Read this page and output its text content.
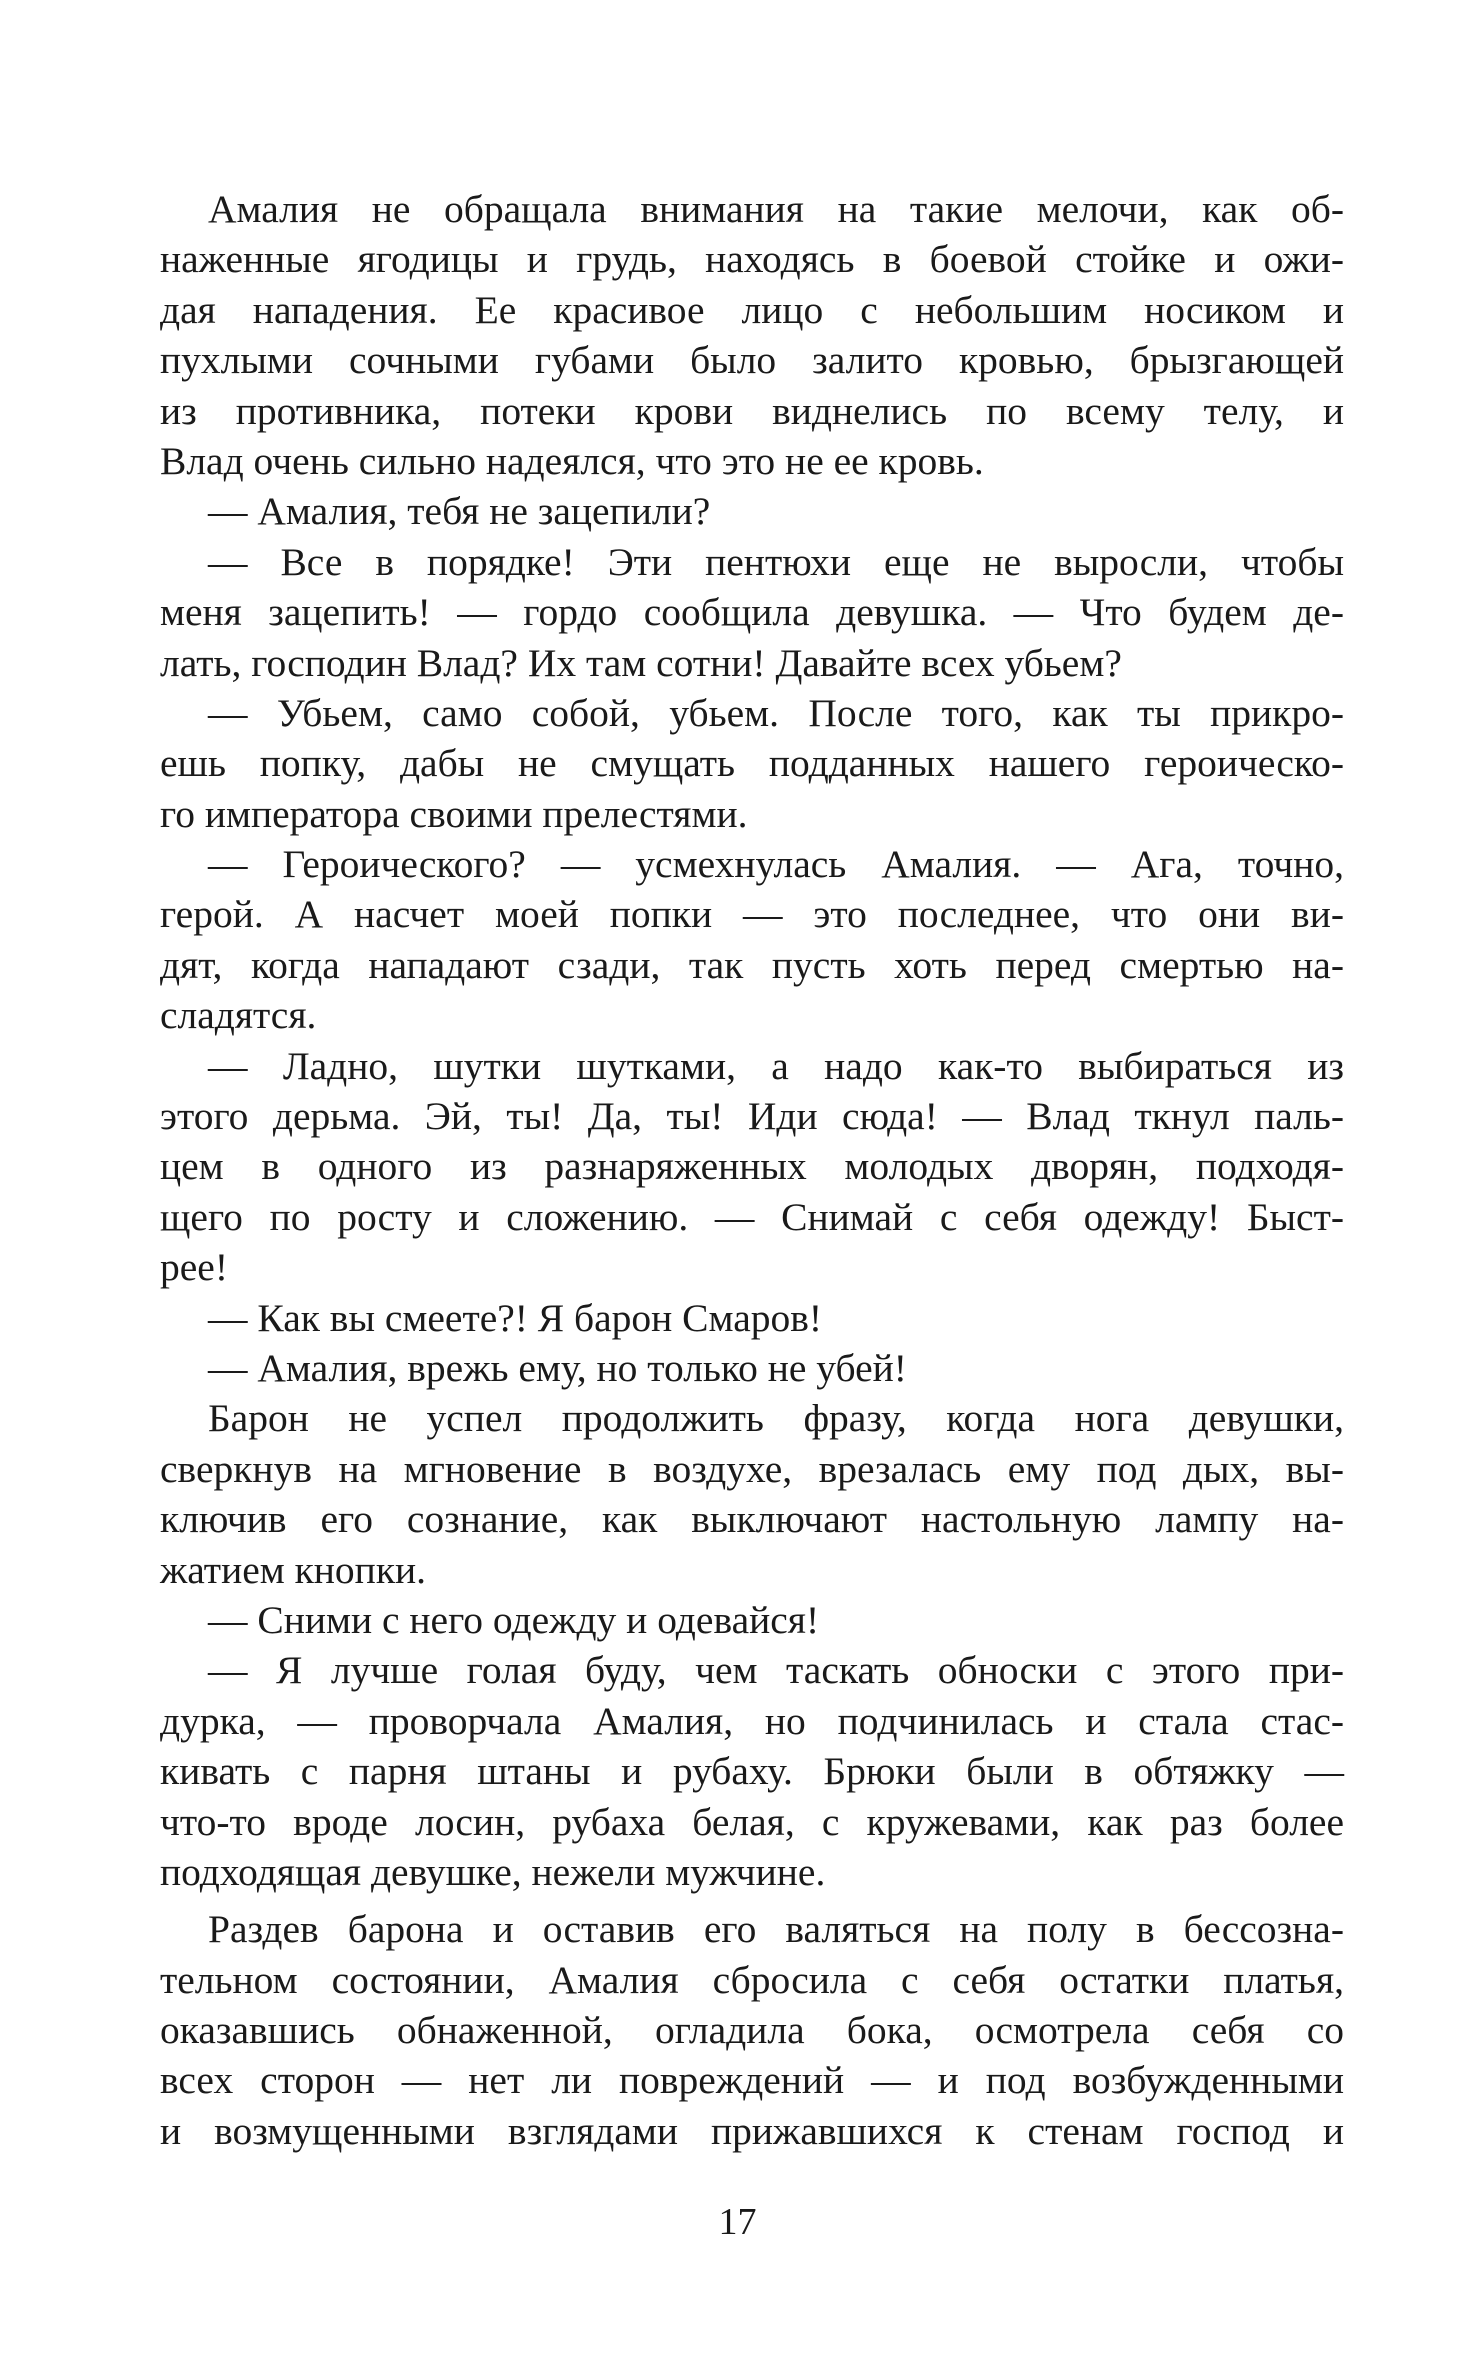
Амалия не обращала внимания на такие мелочи, как об-
наженные ягодицы и грудь, находясь в боевой стойке и ожи-
дая нападения. Ее красивое лицо с небольшим носиком и
пухлыми сочными губами было залито кровью, брызгающей
из противника, потеки крови виднелись по всему телу, и
Влад очень сильно надеялся, что это не ее кровь.
— Амалия, тебя не зацепили?
— Все в порядке! Эти пентюхи еще не выросли, чтобы
меня зацепить! — гордо сообщила девушка. — Что будем де-
лать, господин Влад? Их там сотни! Давайте всех убьем?
— Убьем, само собой, убьем. После того, как ты прикро-
ешь попку, дабы не смущать подданных нашего героическо-
го императора своими прелестями.
— Героического? — усмехнулась Амалия. — Ага, точно,
герой. А насчет моей попки — это последнее, что они ви-
дят, когда нападают сзади, так пусть хоть перед смертью на-
сладятся.
— Ладно, шутки шутками, а надо как-то выбираться из
этого дерьма. Эй, ты! Да, ты! Иди сюда! — Влад ткнул паль-
цем в одного из разнаряженных молодых дворян, подходя-
щего по росту и сложению. — Снимай с себя одежду! Быст-
рее!
— Как вы смеете?! Я барон Смаров!
— Амалия, врежь ему, но только не убей!
Барон не успел продолжить фразу, когда нога девушки,
сверкнув на мгновение в воздухе, врезалась ему под дых, вы-
ключив его сознание, как выключают настольную лампу на-
жатием кнопки.
— Сними с него одежду и одевайся!
— Я лучше голая буду, чем таскать обноски с этого при-
дурка, — проворчала Амалия, но подчинилась и стала стас-
кивать с парня штаны и рубаху. Брюки были в обтяжку —
что-то вроде лосин, рубаха белая, с кружевами, как раз более
подходящая девушке, нежели мужчине.
Раздев барона и оставив его валяться на полу в бессозна-
тельном состоянии, Амалия сбросила с себя остатки платья,
оказавшись обнаженной, огладила бока, осмотрела себя со
всех сторон — нет ли повреждений — и под возбужденными
и возмущенными взглядами прижавшихся к стенам господ и
17
